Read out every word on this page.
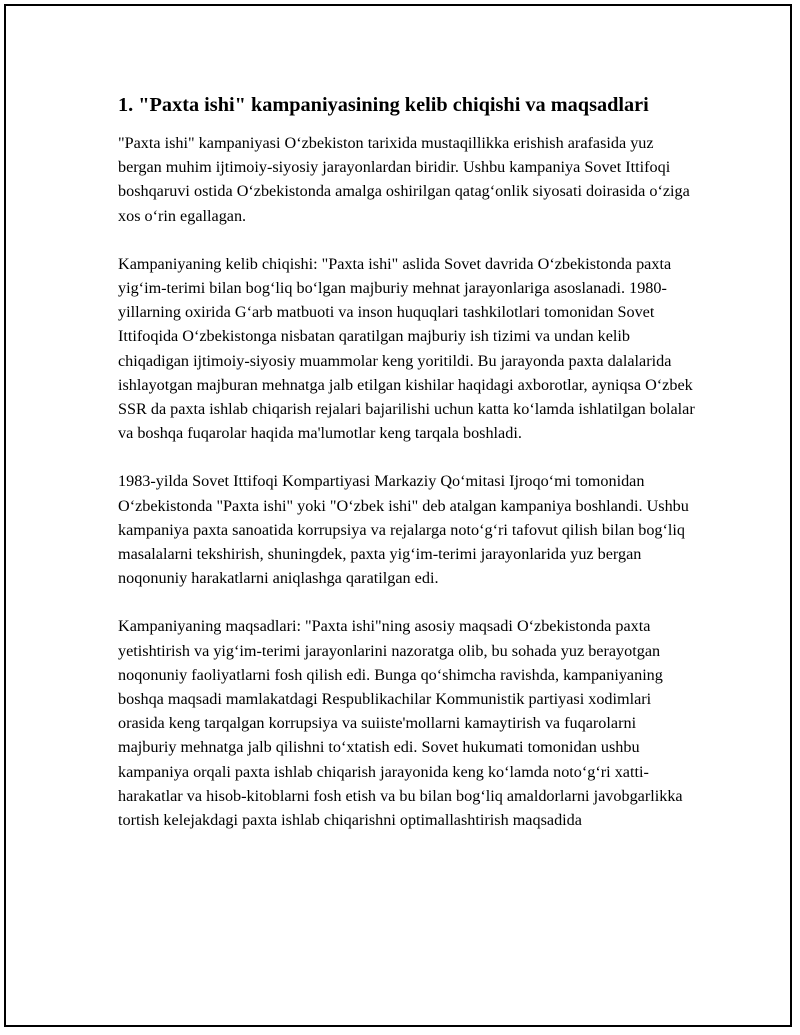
1. "Paxta ishi" kampaniyasining kelib chiqishi va maqsadlari

"Paxta ishi" kampaniyasi O‘zbekiston tarixida mustaqillikka erishish arafasida yuz bergan muhim ijtimoiy-siyosiy jarayonlardan biridir. Ushbu kampaniya Sovet Ittifoqi boshqaruvi ostida O‘zbekistonda amalga oshirilgan qatag‘onlik siyosati doirasida o‘ziga xos o‘rin egallagan.

Kampaniyaning kelib chiqishi: "Paxta ishi" aslida Sovet davrida O‘zbekistonda paxta yig‘im-terimi bilan bog‘liq bo‘lgan majburiy mehnat jarayonlariga asoslanadi. 1980-yillarning oxirida G‘arb matbuoti va inson huquqlari tashkilotlari tomonidan Sovet Ittifoqida O‘zbekistonga nisbatan qaratilgan majburiy ish tizimi va undan kelib chiqadigan ijtimoiy-siyosiy muammolar keng yoritildi. Bu jarayonda paxta dalalarida ishlayotgan majburan mehnatga jalb etilgan kishilar haqidagi axborotlar, ayniqsa O‘zbek SSR da paxta ishlab chiqarish rejalari bajarilishi uchun katta ko‘lamda ishlatilgan bolalar va boshqa fuqarolar haqida ma'lumotlar keng tarqala boshladi.

1983-yilda Sovet Ittifoqi Kompartiyasi Markaziy Qo‘mitasi Ijroqo‘mi tomonidan O‘zbekistonda "Paxta ishi" yoki "O‘zbek ishi" deb atalgan kampaniya boshlandi. Ushbu kampaniya paxta sanoatida korrupsiya va rejalarga noto‘g‘ri tafovut qilish bilan bog‘liq masalalarni tekshirish, shuningdek, paxta yig‘im-terimi jarayonlarida yuz bergan noqonuniy harakatlarni aniqlashga qaratilgan edi.

Kampaniyaning maqsadlari: "Paxta ishi"ning asosiy maqsadi O‘zbekistonda paxta yetishtirish va yig‘im-terimi jarayonlarini nazoratga olib, bu sohada yuz berayotgan noqonuniy faoliyatlarni fosh qilish edi. Bunga qo‘shimcha ravishda, kampaniyaning boshqa maqsadi mamlakatdagi Respublikachilar Kommunistik partiyasi xodimlari orasida keng tarqalgan korrupsiya va suiiste'mollarni kamaytirish va fuqarolarni majburiy mehnatga jalb qilishni to‘xtatish edi. Sovet hukumati tomonidan ushbu kampaniya orqali paxta ishlab chiqarish jarayonida keng ko‘lamda noto‘g‘ri xatti-harakatlar va hisob-kitoblarni fosh etish va bu bilan bog‘liq amaldorlarni javobgarlikka tortish kelejakdagi paxta ishlab chiqarishni optimallashtirish maqsadida
